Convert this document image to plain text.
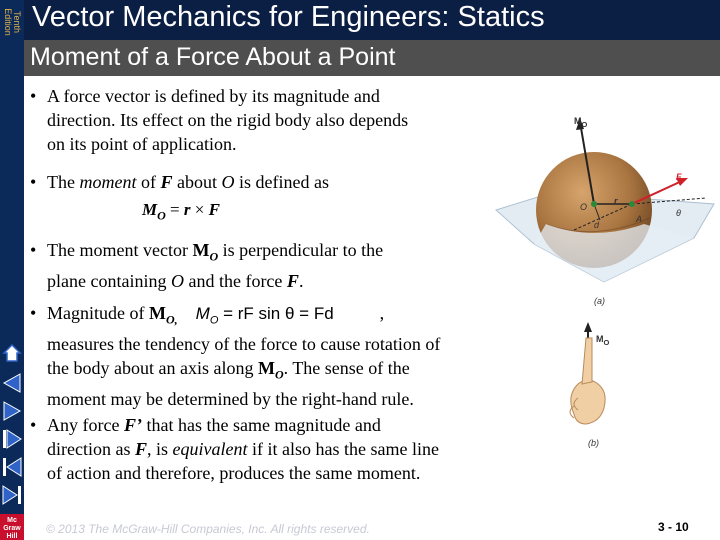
Tenth
Edition
Mc
Graw
Hill
Vector Mechanics for Engineers: Statics
Moment of a Force About a Point
• A force vector is defined by its magnitude and
direction. Its effect on the rigid body also depends
on its point of application.
• The moment of F about O is defined as
$M_O = r \times F$
• The moment vector $M_O$ is perpendicular to the
plane containing O and the force F.
• Magnitude of $M_{O,}$ $M_O$ = rF sin θ = Fd	,
measures the tendency of the force to cause rotation of
the body about an axis along $M_O$. The sense of the
moment may be determined by the right-hand rule.
• Any force F’ that has the same magnitude and
direction as F, is equivalent if it also has the same line
of action and therefore, produces the same moment.
$M_O$
O
r
F
d
A
θ
(a)
$M_O$
(b)
© 2013 The McGraw-Hill Companies, Inc. All rights reserved.	3 - 10
